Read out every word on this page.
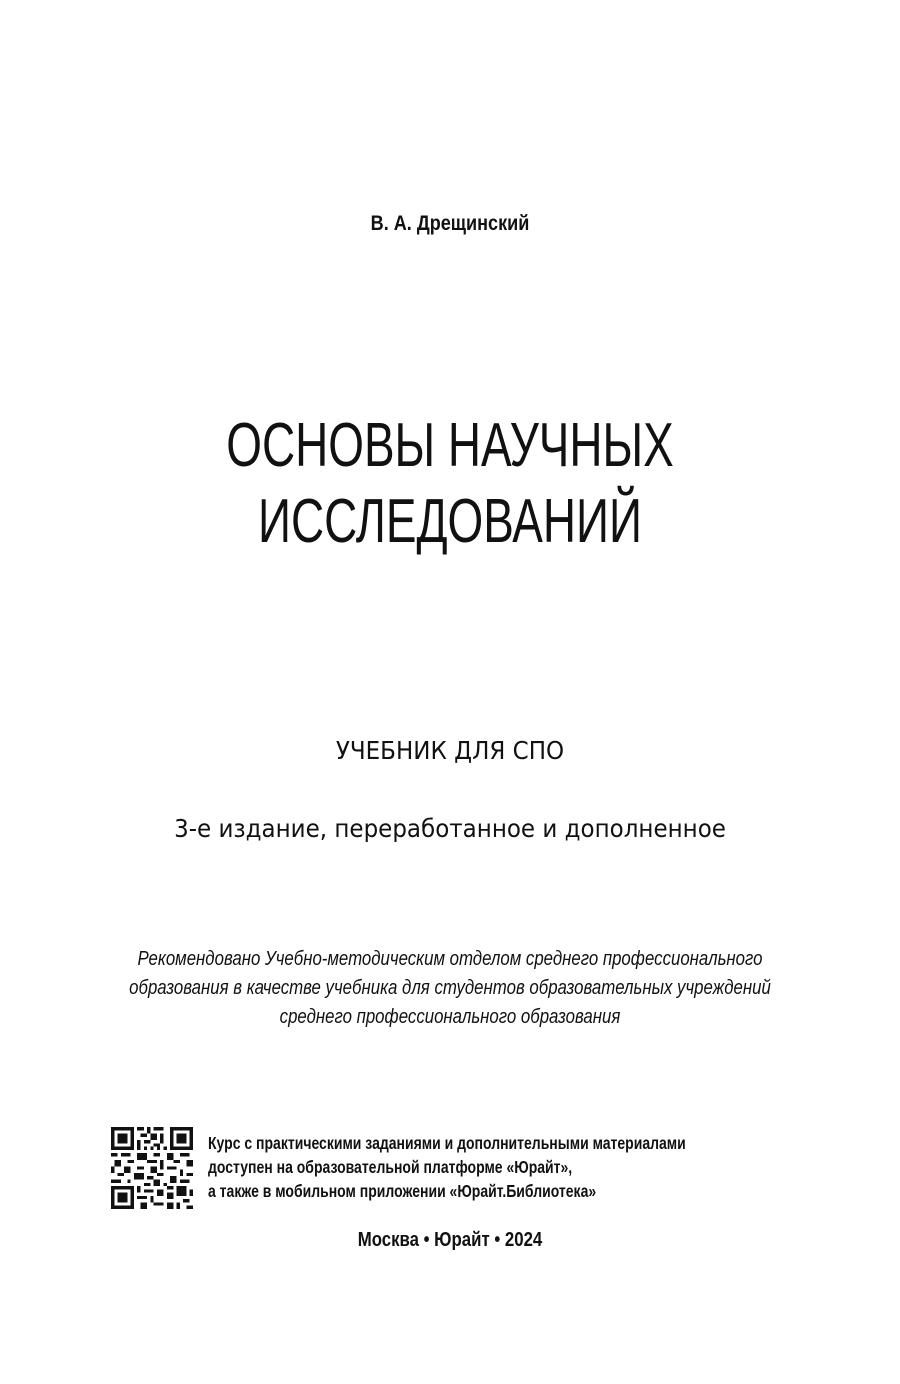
В. А. Дрещинский
ОСНОВЫ НАУЧНЫХ
ИССЛЕДОВАНИЙ
УЧЕБНИК ДЛЯ СПО
3-е издание, переработанное и дополненное
Рекомендовано Учебно-методическим отделом среднего профессионального
образования в качестве учебника для студентов образовательных учреждений
среднего профессионального образования
Курс с практическими заданиями и дополнительными материалами
доступен на образовательной платформе «Юрайт»,
а также в мобильном приложении «Юрайт.Библиотека»
Москва • Юрайт • 2024
